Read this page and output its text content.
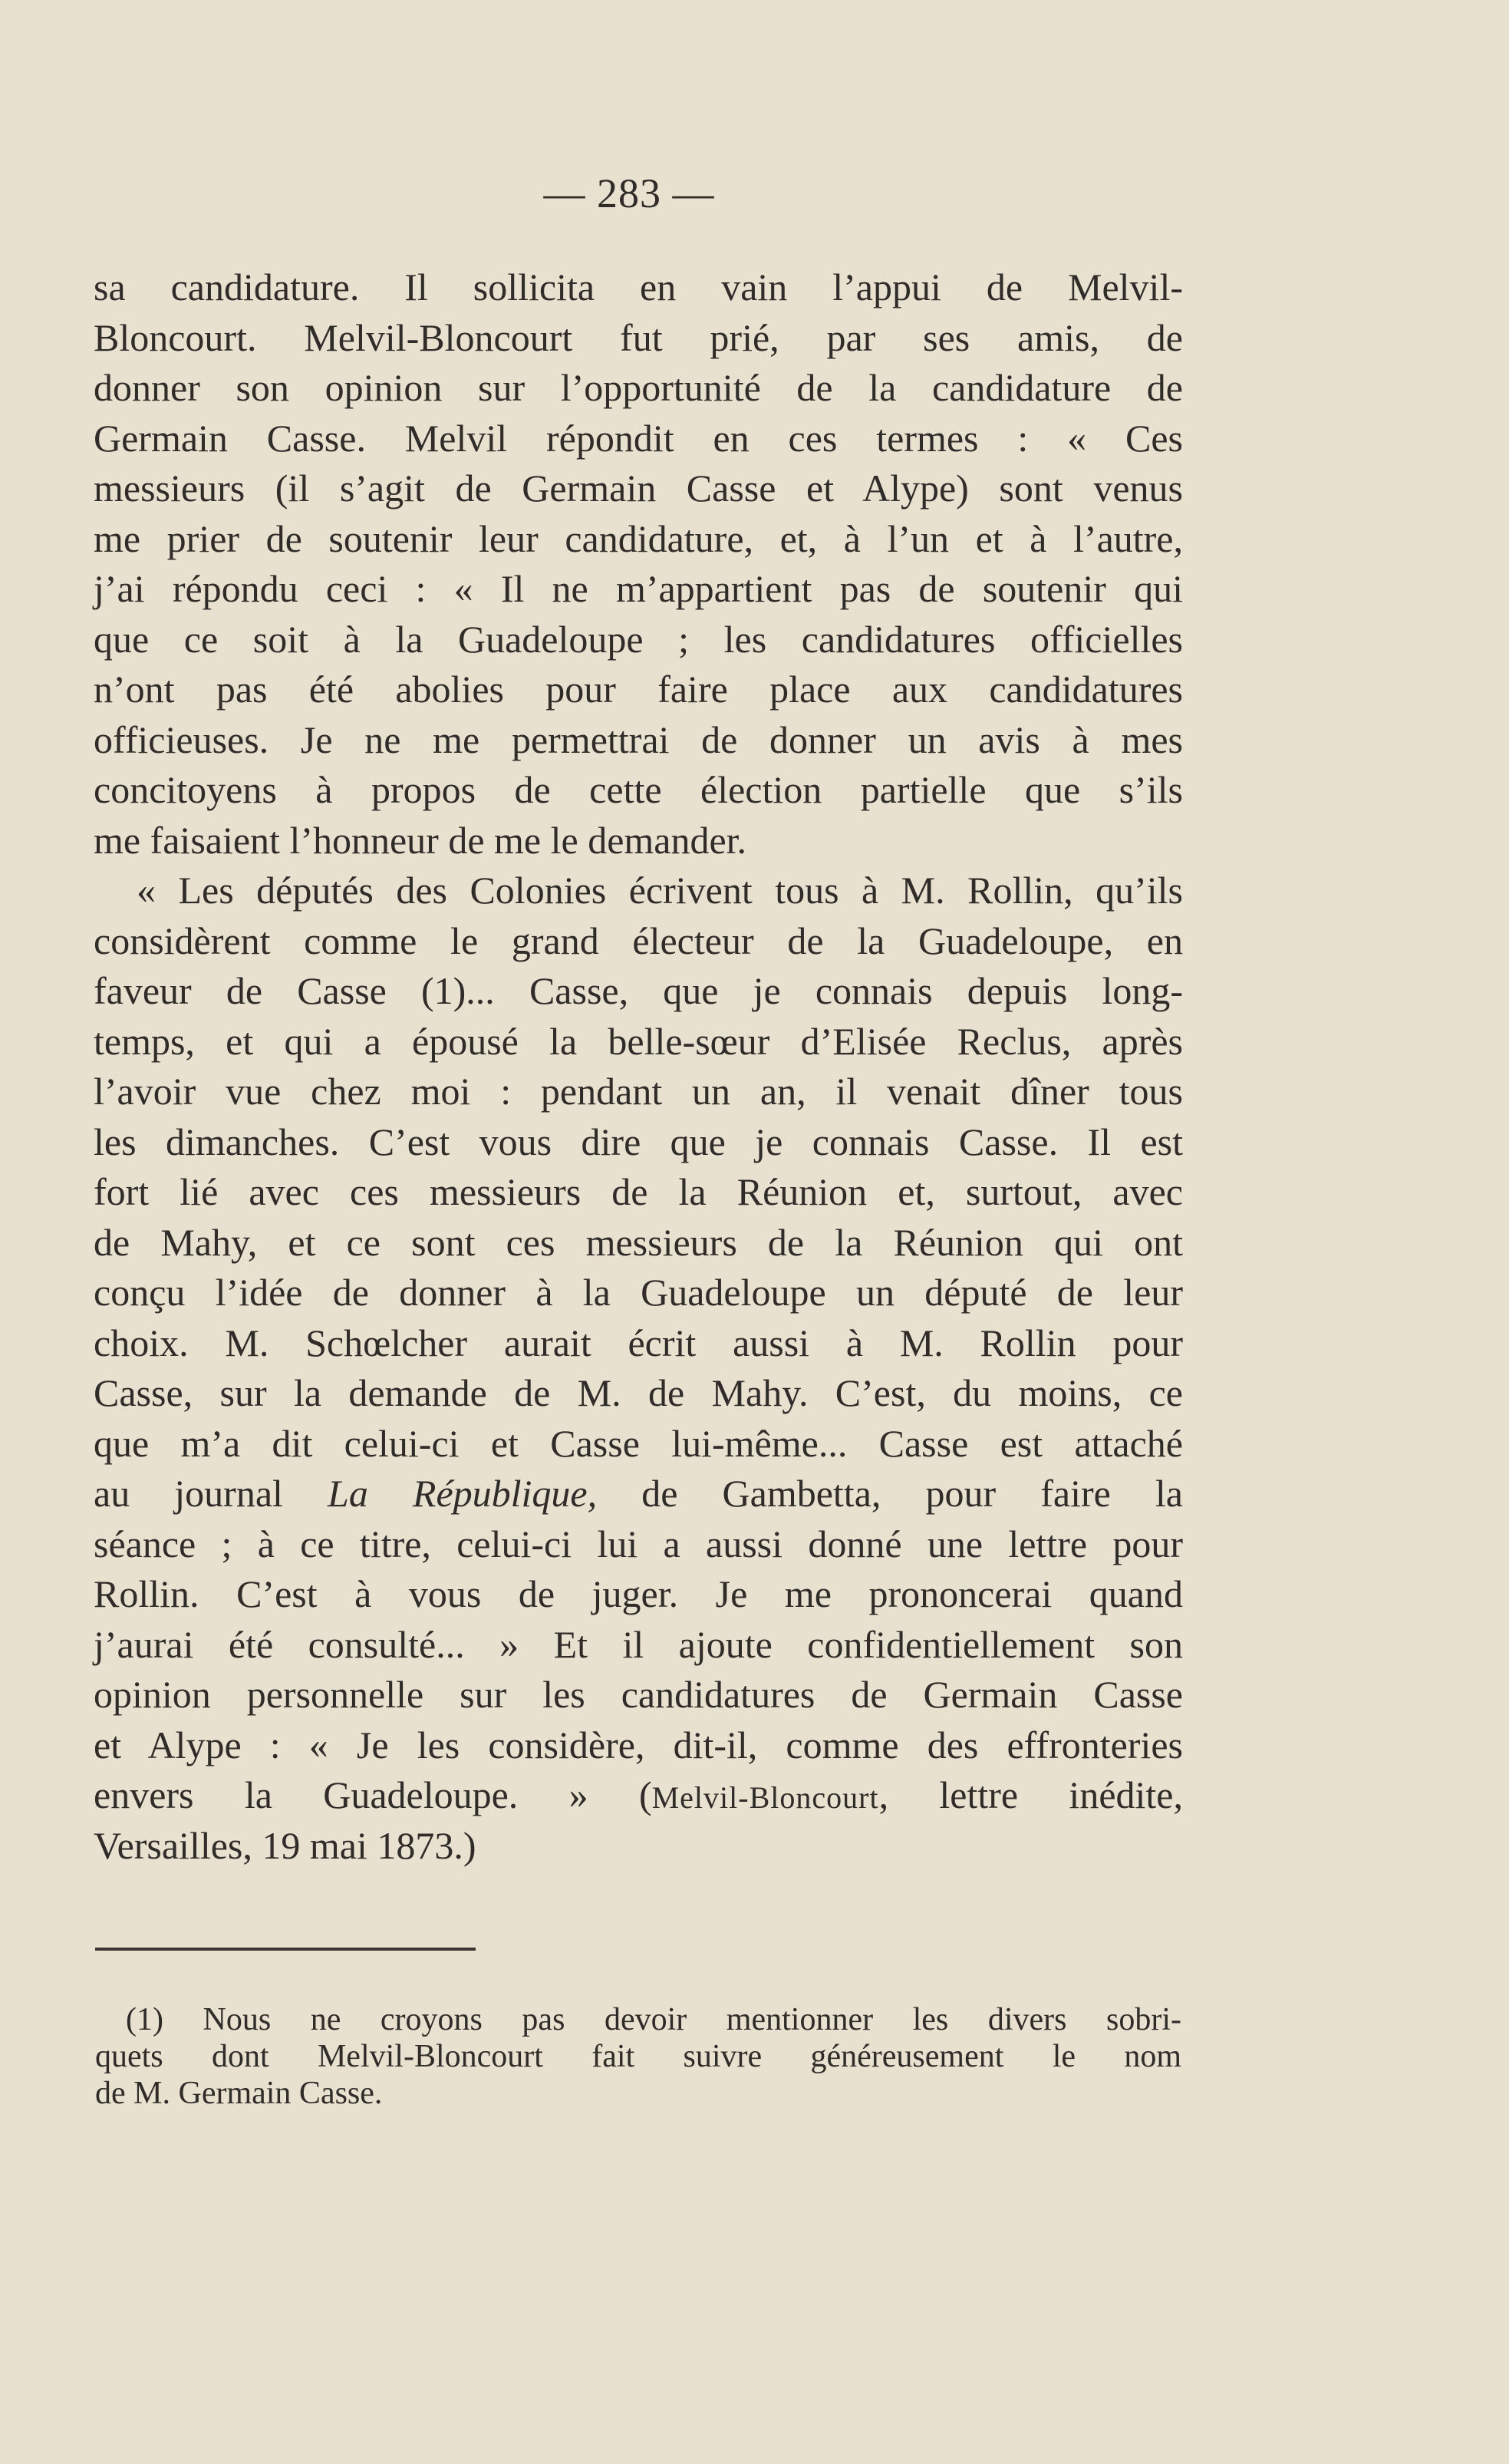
— 283 —
sa candidature. Il sollicita en vain l’appui de Melvil-
Bloncourt. Melvil-Bloncourt fut prié, par ses amis, de
donner son opinion sur l’opportunité de la candidature de
Germain Casse. Melvil répondit en ces termes : « Ces
messieurs (il s’agit de Germain Casse et Alype) sont venus
me prier de soutenir leur candidature, et, à l’un et à l’autre,
j’ai répondu ceci : « Il ne m’appartient pas de soutenir qui
que ce soit à la Guadeloupe ; les candidatures officielles
n’ont pas été abolies pour faire place aux candidatures
officieuses. Je ne me permettrai de donner un avis à mes
concitoyens à propos de cette élection partielle que s’ils
me faisaient l’honneur de me le demander.
« Les députés des Colonies écrivent tous à M. Rollin, qu’ils
considèrent comme le grand électeur de la Guadeloupe, en
faveur de Casse (1)... Casse, que je connais depuis long-
temps, et qui a épousé la belle-sœur d’Elisée Reclus, après
l’avoir vue chez moi : pendant un an, il venait dîner tous
les dimanches. C’est vous dire que je connais Casse. Il est
fort lié avec ces messieurs de la Réunion et, surtout, avec
de Mahy, et ce sont ces messieurs de la Réunion qui ont
conçu l’idée de donner à la Guadeloupe un député de leur
choix. M. Schœlcher aurait écrit aussi à M. Rollin pour
Casse, sur la demande de M. de Mahy. C’est, du moins, ce
que m’a dit celui-ci et Casse lui-même... Casse est attaché
au journal La République, de Gambetta, pour faire la
séance ; à ce titre, celui-ci lui a aussi donné une lettre pour
Rollin. C’est à vous de juger. Je me prononcerai quand
j’aurai été consulté... » Et il ajoute confidentiellement son
opinion personnelle sur les candidatures de Germain Casse
et Alype : « Je les considère, dit-il, comme des effronteries
envers la Guadeloupe. » (Melvil-Bloncourt, lettre inédite,
Versailles, 19 mai 1873.)
(1) Nous ne croyons pas devoir mentionner les divers sobri-
quets dont Melvil-Bloncourt fait suivre généreusement le nom
de M. Germain Casse.
